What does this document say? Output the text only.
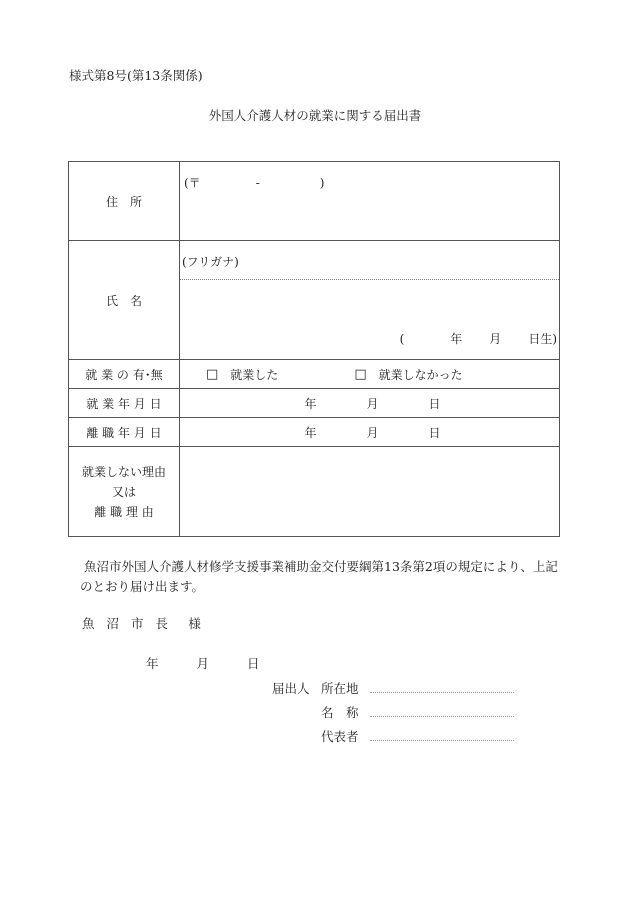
様式第8号(第13条関係)
外国人介護人材の就業に関する届出書
住　所	(〒 - )

氏　名	(フリガナ)
( 年 月 日生)

就 業 の 有･無	□ 就業した □ 就業しなかった

就 業 年 月 日	年 月 日

離 職 年 月 日	年 月 日

就業しない理由
又は
離 職 理 由	

魚沼市外国人介護人材修学支援事業補助金交付要綱第13条第2項の規定により、上記
のとおり届け出ます。
魚 沼 市 長　様
年	月	日
届出人 所在地
名　称
代表者
